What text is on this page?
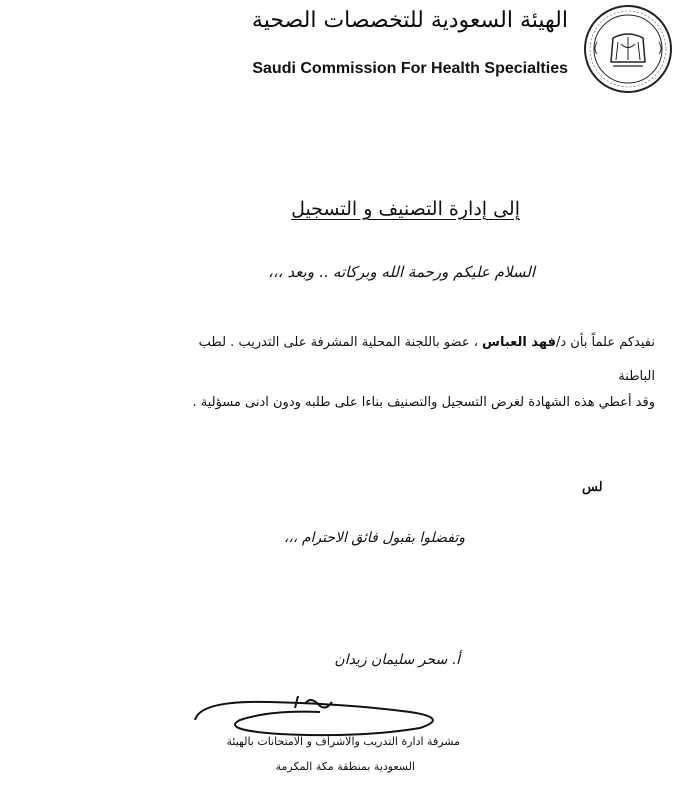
الهيئة السعودية للتخصصات الصحية
Saudi Commission For Health Specialties
إلى إدارة التصنيف و التسجيل
السلام عليكم ورحمة الله وبركاته .. وبعد ،،،
نفيدكم علماً بأن د/فهد العباس ، عضو باللجنة المحلية المشرفة على التدريب . لطب
الباطنة
وقد أعطي هذه الشهادة لغرض التسجيل والتصنيف بناءا على طلبه ودون ادنى مسؤلية .
لس
وتفضلوا بقبول فائق الاحترام ،،،
أ. سحر سليمان زيدان
مشرفة ادارة التدريب والاشراف و الامتحانات بالهيئة
السعودية بمنطقة مكة المكرمة
